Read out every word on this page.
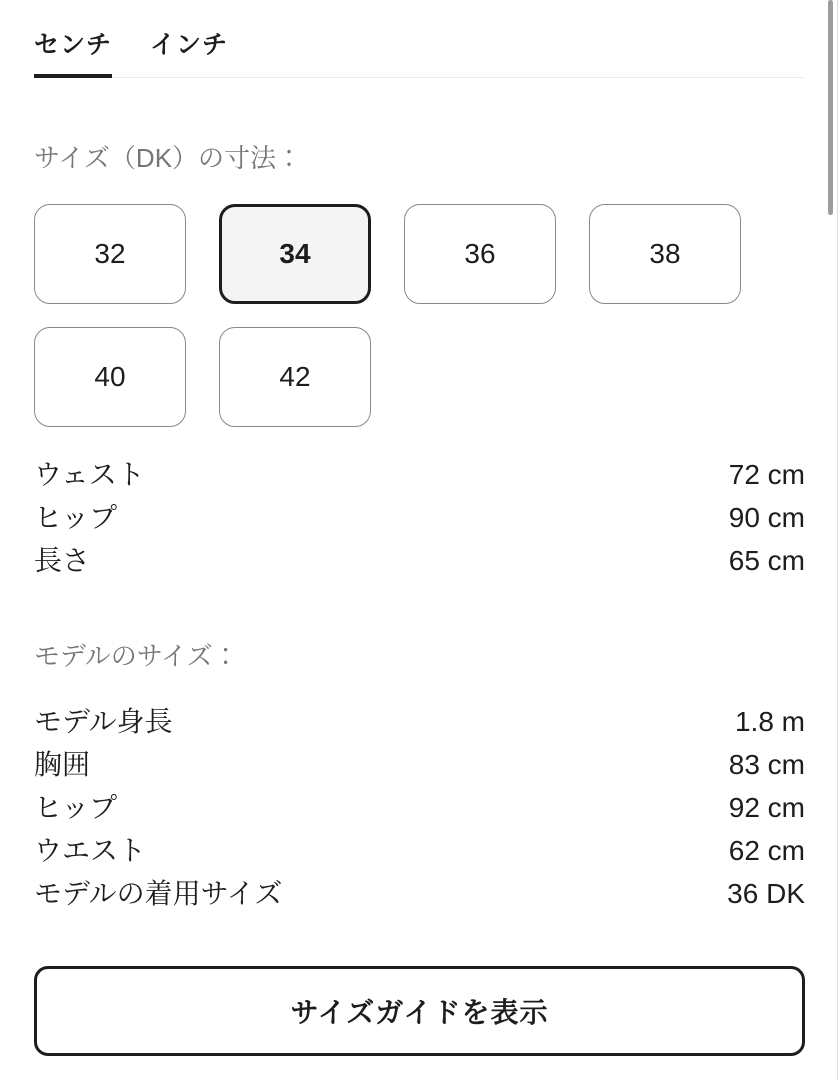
センチ インチ
サイズ（DK）の寸法：
32	34	36	38
40	42
ウェスト	72 cm
ヒップ	90 cm
長さ	65 cm
モデルのサイズ：
モデル身長	1.8 m
胸囲	83 cm
ヒップ	92 cm
ウエスト	62 cm
モデルの着用サイズ	36 DK
サイズガイドを表示
